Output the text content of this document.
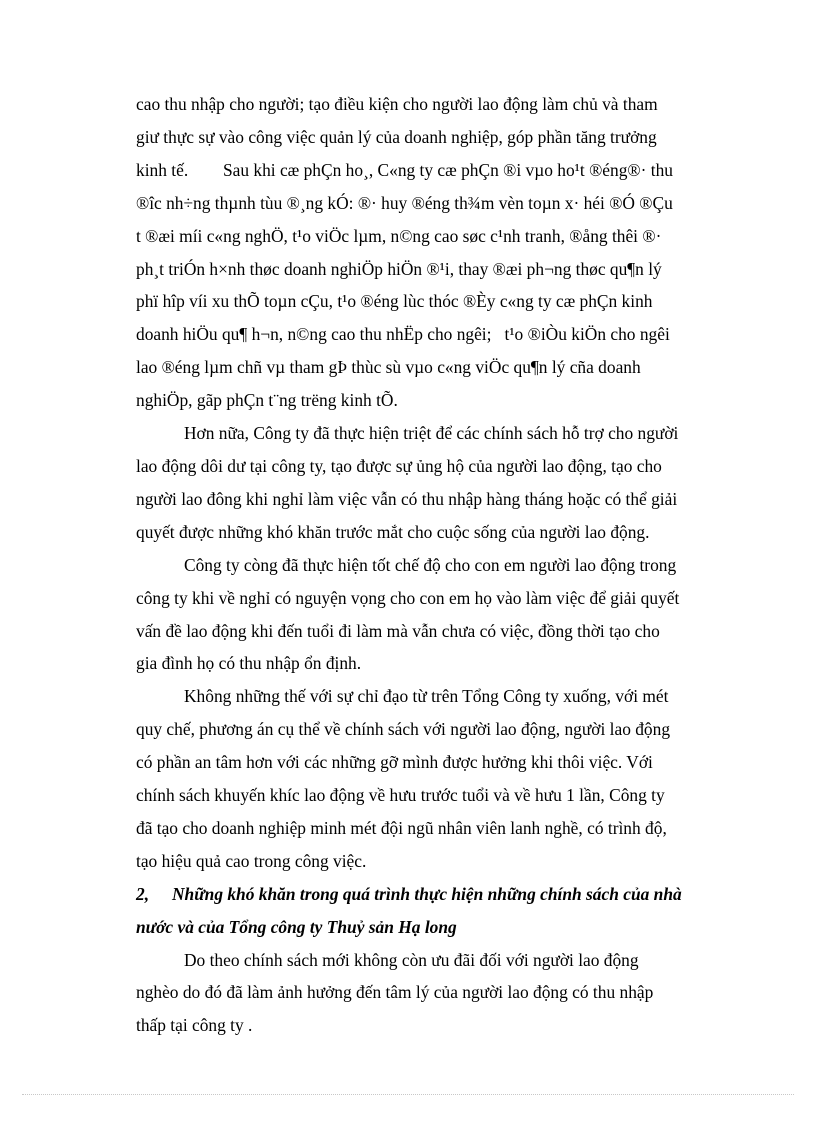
cao thu nhập cho người; tạo điều kiện cho người lao động làm chủ và tham
giư thực sự vào công việc quản lý của doanh nghiệp, góp phần tăng trưởng
kinh tế.        Sau khi cæ phÇn ho¸, C«ng ty cæ phÇn ®i vµo ho¹t ®éng®· thu
®îc nh÷ng thµnh tùu ®¸ng kÓ: ®· huy ®éng th¾m vèn toµn x· héi ®Ó ®Çu
t ®æi míi c«ng nghÖ, t¹o viÖc lµm, n©ng cao søc c¹nh tranh, ®ång thêi ®·
ph¸t triÓn h×nh thøc doanh nghiÖp hiÖn ®¹i, thay ®æi ph¬ng thøc qu¶n lý
phï hîp víi xu thÕ toµn cÇu, t¹o ®éng lùc thóc ®Èy c«ng ty cæ phÇn kinh
doanh hiÖu qu¶ h¬n, n©ng cao thu nhËp cho ngêi;   t¹o ®iÒu kiÖn cho ngêi
lao ®éng lµm chñ vµ tham gÞ thùc sù vµo c«ng viÖc qu¶n lý cña doanh
nghiÖp, gãp phÇn t¨ng trëng kinh tÕ.

Hơn nữa, Công ty đã thực hiện triệt để các chính sách hỗ trợ cho người
lao động dôi dư tại công ty, tạo được sự ủng hộ của người lao động, tạo cho
người lao đông khi nghỉ làm việc vẫn có thu nhập hàng tháng hoặc có thể giải
quyết được những khó khăn trước mắt cho cuộc sống của người lao động.

Công ty còng đã thực hiện tốt chế độ cho con em người lao động trong
công ty khi về nghỉ có nguyện vọng cho con em họ vào làm việc để giải quyết
vấn đề lao động khi đến tuổi đi làm mà vẫn chưa có việc, đồng thời tạo cho
gia đình họ có thu nhập ổn định.

Không những thế với sự chỉ đạo từ trên Tổng Công ty xuống, với mét
quy chế, phương án cụ thể về chính sách với người lao động, người lao động
có phần an tâm hơn với các những gỡ mình được hưởng khi thôi việc. Với
chính sách khuyến khíc lao động về hưu trước tuổi và về hưu 1 lần, Công ty
đã tạo cho doanh nghiệp minh mét đội ngũ nhân viên lanh nghề, có trình độ,
tạo hiệu quả cao trong công việc.

2, Những khó khăn trong quá trình thực hiện những chính sách của nhà
nước và của Tổng công ty Thuỷ sản Hạ long

Do theo chính sách mới không còn ưu đãi đối với người lao động
nghèo do đó đã làm ảnh hưởng đến tâm lý của người lao động có thu nhập
thấp tại công ty .
